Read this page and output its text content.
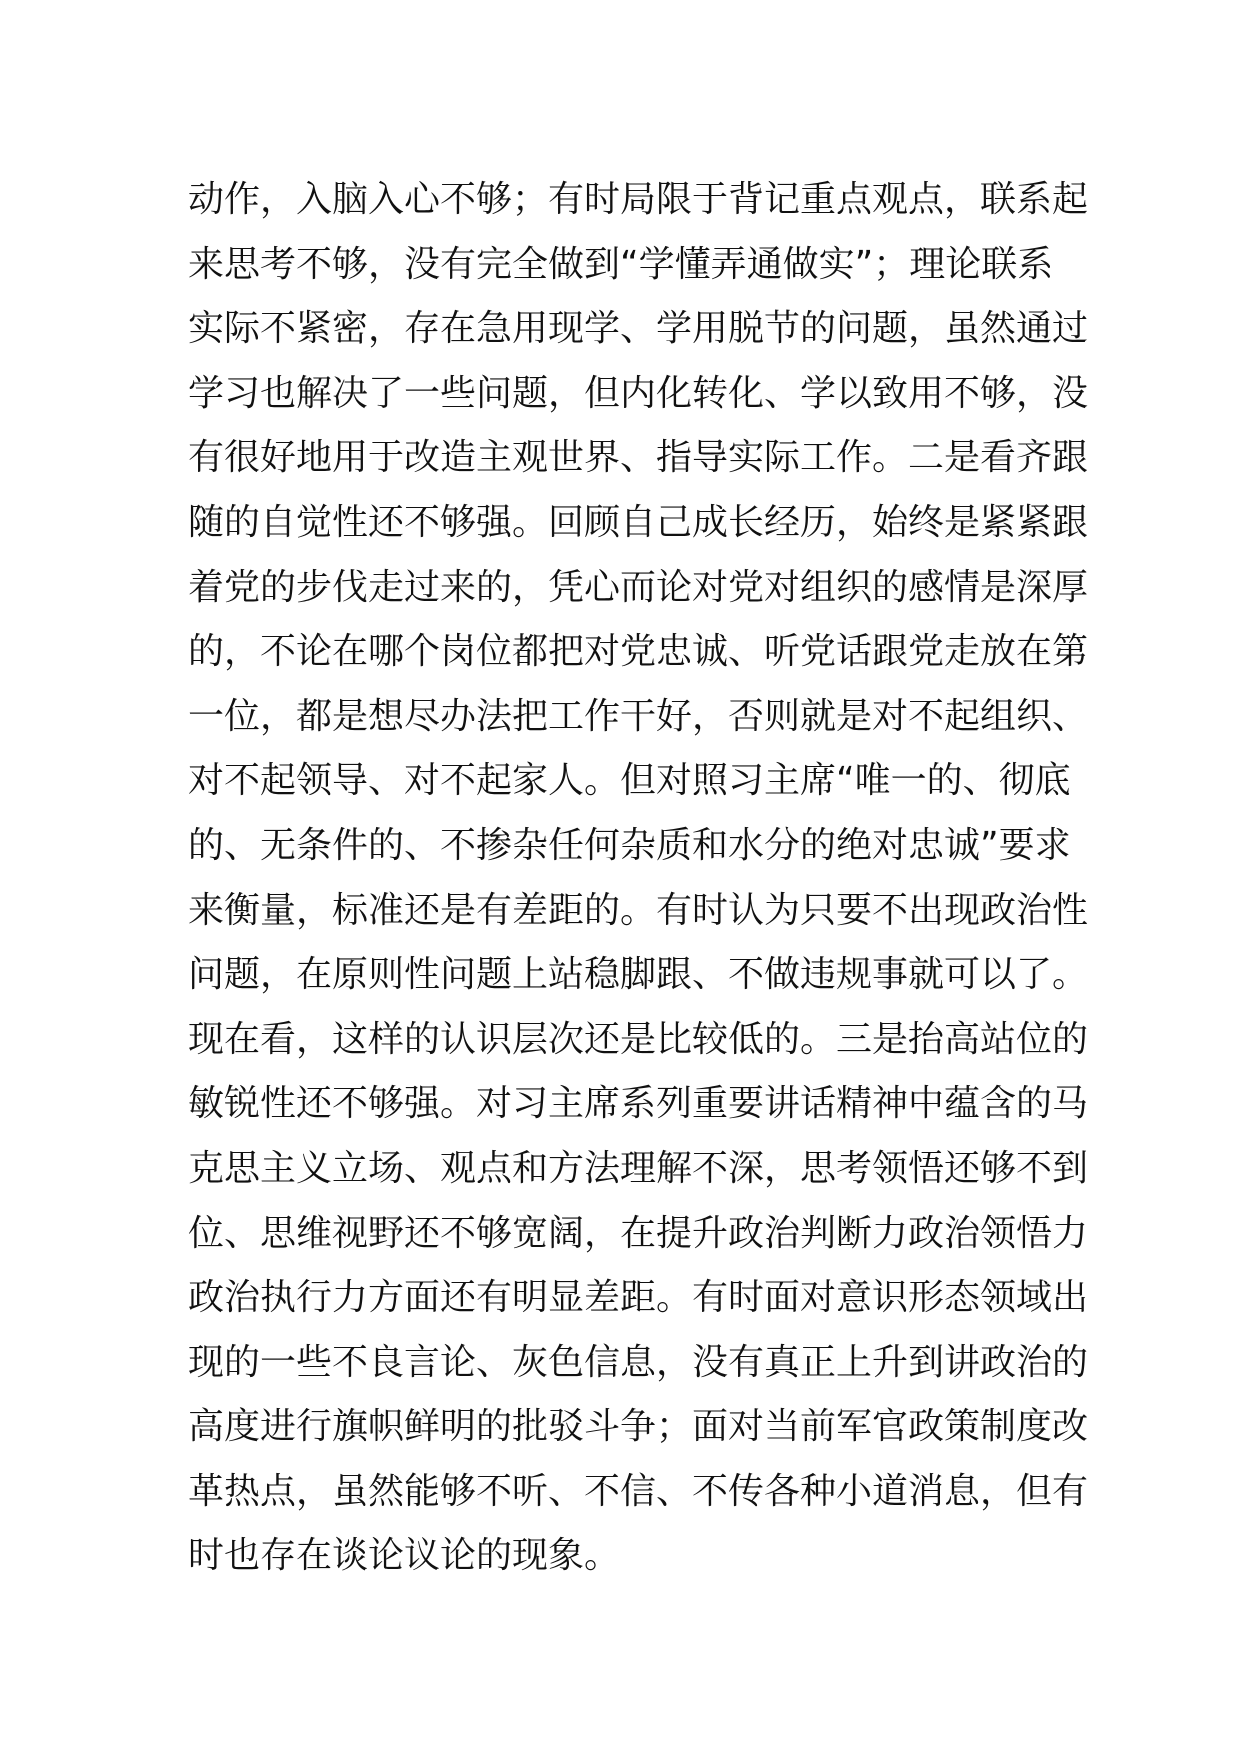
动作，入脑入心不够；有时局限于背记重点观点，联系起
来思考不够，没有完全做到“学懂弄通做实”；理论联系
实际不紧密，存在急用现学、学用脱节的问题，虽然通过
学习也解决了一些问题，但内化转化、学以致用不够，没
有很好地用于改造主观世界、指导实际工作。二是看齐跟
随的自觉性还不够强。回顾自己成长经历，始终是紧紧跟
着党的步伐走过来的，凭心而论对党对组织的感情是深厚
的，不论在哪个岗位都把对党忠诚、听党话跟党走放在第
一位，都是想尽办法把工作干好，否则就是对不起组织、
对不起领导、对不起家人。但对照习主席“唯一的、彻底
的、无条件的、不掺杂任何杂质和水分的绝对忠诚”要求
来衡量，标准还是有差距的。有时认为只要不出现政治性
问题，在原则性问题上站稳脚跟、不做违规事就可以了。
现在看，这样的认识层次还是比较低的。三是抬高站位的
敏锐性还不够强。对习主席系列重要讲话精神中蕴含的马
克思主义立场、观点和方法理解不深，思考领悟还够不到
位、思维视野还不够宽阔，在提升政治判断力政治领悟力
政治执行力方面还有明显差距。有时面对意识形态领域出
现的一些不良言论、灰色信息，没有真正上升到讲政治的
高度进行旗帜鲜明的批驳斗争；面对当前军官政策制度改
革热点，虽然能够不听、不信、不传各种小道消息，但有
时也存在谈论议论的现象。
